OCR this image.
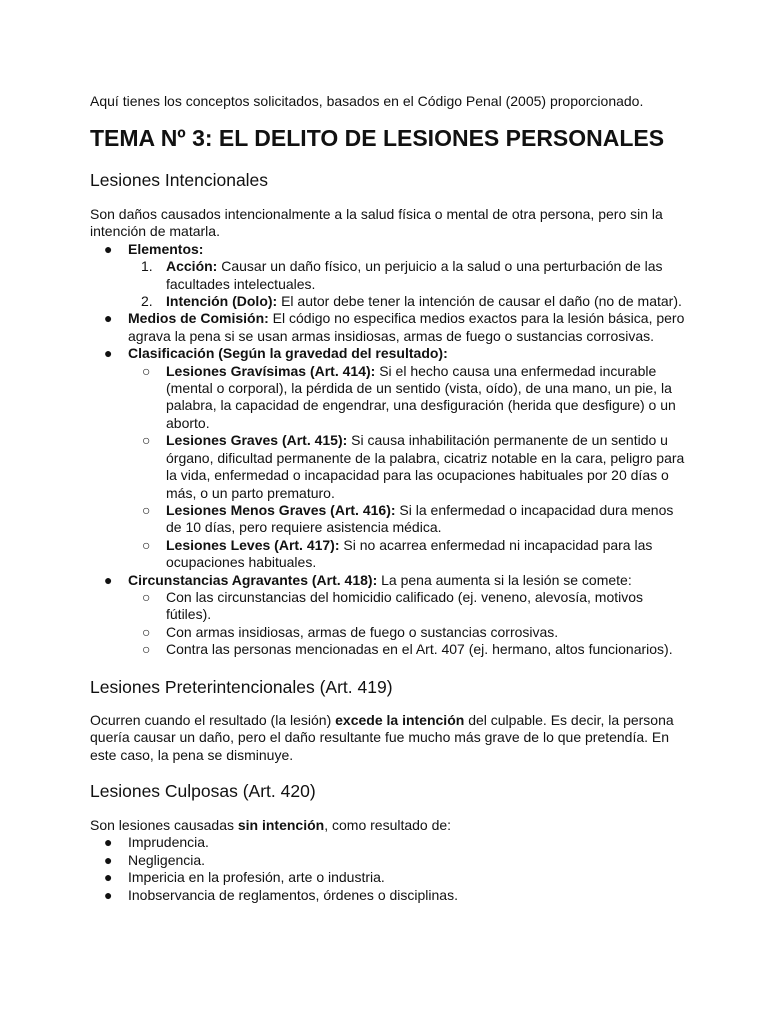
Aquí tienes los conceptos solicitados, basados en el Código Penal (2005) proporcionado.
TEMA Nº 3: EL DELITO DE LESIONES PERSONALES
Lesiones Intencionales
Son daños causados intencionalmente a la salud física o mental de otra persona, pero sin la intención de matarla.
● Elementos:
1. Acción: Causar un daño físico, un perjuicio a la salud o una perturbación de las facultades intelectuales.
2. Intención (Dolo): El autor debe tener la intención de causar el daño (no de matar).
● Medios de Comisión: El código no especifica medios exactos para la lesión básica, pero agrava la pena si se usan armas insidiosas, armas de fuego o sustancias corrosivas.
● Clasificación (Según la gravedad del resultado):
○ Lesiones Gravísimas (Art. 414): Si el hecho causa una enfermedad incurable (mental o corporal), la pérdida de un sentido (vista, oído), de una mano, un pie, la palabra, la capacidad de engendrar, una desfiguración (herida que desfigure) o un aborto.
○ Lesiones Graves (Art. 415): Si causa inhabilitación permanente de un sentido u órgano, dificultad permanente de la palabra, cicatriz notable en la cara, peligro para la vida, enfermedad o incapacidad para las ocupaciones habituales por 20 días o más, o un parto prematuro.
○ Lesiones Menos Graves (Art. 416): Si la enfermedad o incapacidad dura menos de 10 días, pero requiere asistencia médica.
○ Lesiones Leves (Art. 417): Si no acarrea enfermedad ni incapacidad para las ocupaciones habituales.
● Circunstancias Agravantes (Art. 418): La pena aumenta si la lesión se comete:
○ Con las circunstancias del homicidio calificado (ej. veneno, alevosía, motivos fútiles).
○ Con armas insidiosas, armas de fuego o sustancias corrosivas.
○ Contra las personas mencionadas en el Art. 407 (ej. hermano, altos funcionarios).
Lesiones Preterintencionales (Art. 419)
Ocurren cuando el resultado (la lesión) excede la intención del culpable. Es decir, la persona quería causar un daño, pero el daño resultante fue mucho más grave de lo que pretendía. En este caso, la pena se disminuye.
Lesiones Culposas (Art. 420)
Son lesiones causadas sin intención, como resultado de:
● Imprudencia.
● Negligencia.
● Impericia en la profesión, arte o industria.
● Inobservancia de reglamentos, órdenes o disciplinas.
